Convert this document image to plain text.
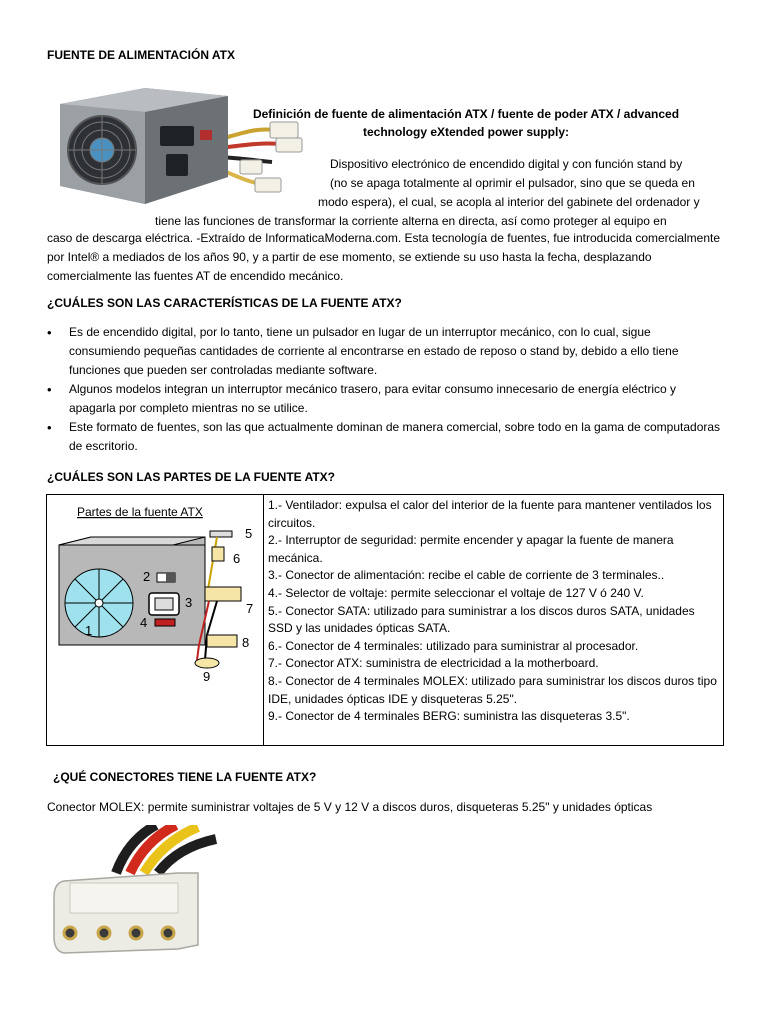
FUENTE DE ALIMENTACIÓN ATX
Definición de fuente de alimentación ATX / fuente de poder ATX / advanced technology eXtended power supply:
Dispositivo electrónico de encendido digital y con función stand by
(no se apaga totalmente al oprimir el pulsador, sino que se queda en
modo espera), el cual, se acopla al interior del gabinete del ordenador y
tiene las funciones de transformar la corriente alterna en directa, así como proteger al equipo en
caso de descarga eléctrica. -Extraído de InformaticaModerna.com. Esta tecnología de fuentes, fue introducida comercialmente por Intel® a mediados de los años 90, y a partir de ese momento, se extiende su uso hasta la fecha, desplazando comercialmente las fuentes AT de encendido mecánico.
¿CUÁLES SON LAS CARACTERÍSTICAS DE LA FUENTE ATX?
• Es de encendido digital, por lo tanto, tiene un pulsador en lugar de un interruptor mecánico, con lo cual, sigue consumiendo pequeñas cantidades de corriente al encontrarse en estado de reposo o stand by, debido a ello tiene funciones que pueden ser controladas mediante software.
• Algunos modelos integran un interruptor mecánico trasero, para evitar consumo innecesario de energía eléctrico y apagarla por completo mientras no se utilice.
• Este formato de fuentes, son las que actualmente dominan de manera comercial, sobre todo en la gama de computadoras de escritorio.
¿CUÁLES SON LAS PARTES DE LA FUENTE ATX?
Partes de la fuente ATX
1
2
3
4
5
6
7
8
9

1.- Ventilador: expulsa el calor del interior de la fuente para mantener ventilados los circuitos.
2.- Interruptor de seguridad: permite encender y apagar la fuente de manera mecánica.
3.- Conector de alimentación: recibe el cable de corriente de 3 terminales..
4.- Selector de voltaje: permite seleccionar el voltaje de 127 V ó 240 V.
5.- Conector SATA: utilizado para suministrar a los discos duros SATA, unidades SSD y las unidades ópticas SATA.
6.- Conector de 4 terminales: utilizado para suministrar al procesador.
7.- Conector ATX: suministra de electricidad a la motherboard.
8.- Conector de 4 terminales MOLEX: utilizado para suministrar los discos duros tipo IDE, unidades ópticas IDE y disqueteras 5.25".
9.- Conector de 4 terminales BERG: suministra las disqueteras 3.5".
¿QUÉ CONECTORES TIENE LA FUENTE ATX?
Conector MOLEX: permite suministrar voltajes de 5 V y 12 V a discos duros, disqueteras 5.25" y unidades ópticas
